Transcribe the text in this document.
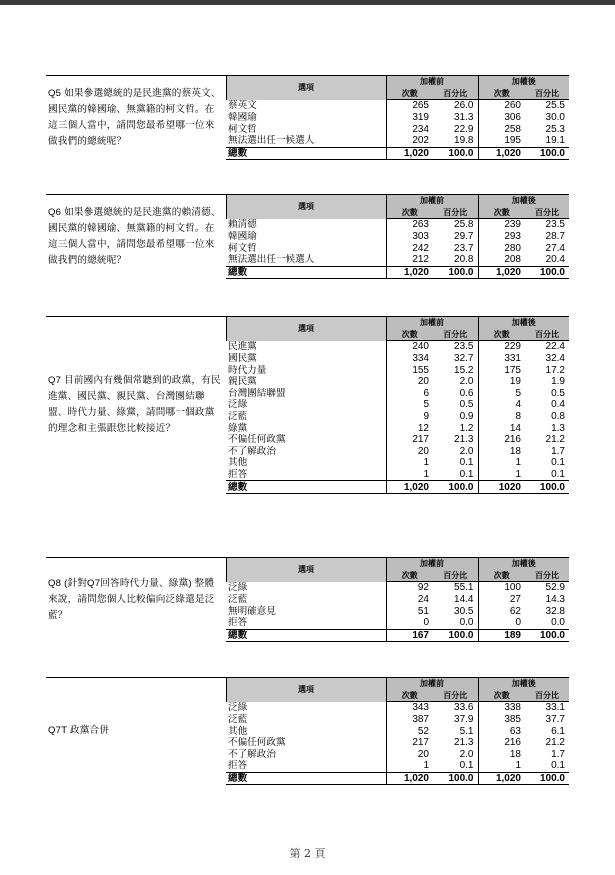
Q5 如果參選總統的是民進黨的蔡英文、國民黨的韓國瑜、無黨籍的柯文哲。在這三個人當中，請問您最希望哪一位來做我們的總統呢？	選項	加權前		加權後	
		次數	百分比	次數	百分比
	蔡英文	265	26.0	260	25.5
	韓國瑜	319	31.3	306	30.0
	柯文哲	234	22.9	258	25.3
	無法選出任一候選人	202	19.8	195	19.1
	總數	1,020	100.0	1,020	100.0
Q6 如果參選總統的是民進黨的賴清德、國民黨的韓國瑜、無黨籍的柯文哲。在這三個人當中，請問您最希望哪一位來做我們的總統呢？	選項	加權前		加權後	
		次數	百分比	次數	百分比
	賴清德	263	25.8	239	23.5
	韓國瑜	303	29.7	293	28.7
	柯文哲	242	23.7	280	27.4
	無法選出任一候選人	212	20.8	208	20.4
	總數	1,020	100.0	1,020	100.0
Q7 目前國內有幾個常聽到的政黨，有民進黨、國民黨、親民黨、台灣團結聯盟、時代力量、綠黨，請問哪一個政黨的理念和主張跟您比較接近？	選項	加權前		加權後	
		次數	百分比	次數	百分比
	民進黨	240	23.5	229	22.4
	國民黨	334	32.7	331	32.4
	時代力量	155	15.2	175	17.2
	親民黨	20	2.0	19	1.9
	台灣團結聯盟	6	0.6	5	0.5
	泛綠	5	0.5	4	0.4
	泛藍	9	0.9	8	0.8
	綠黨	12	1.2	14	1.3
	不偏任何政黨	217	21.3	216	21.2
	不了解政治	20	2.0	18	1.7
	其他	1	0.1	1	0.1
	拒答	1	0.1	1	0.1
	總數	1,020	100.0	1020	100.0
Q8 (針對Q7回答時代力量、綠黨) 整體來說，請問您個人比較偏向泛綠還是泛藍？	選項	加權前		加權後	
		次數	百分比	次數	百分比
	泛綠	92	55.1	100	52.9
	泛藍	24	14.4	27	14.3
	無明確意見	51	30.5	62	32.8
	拒答	0	0.0	0	0.0
	總數	167	100.0	189	100.0
Q7T 政黨合併	選項	加權前		加權後	
		次數	百分比	次數	百分比
	泛綠	343	33.6	338	33.1
	泛藍	387	37.9	385	37.7
	其他	52	5.1	63	6.1
	不偏任何政黨	217	21.3	216	21.2
	不了解政治	20	2.0	18	1.7
	拒答	1	0.1	1	0.1
	總數	1,020	100.0	1,020	100.0
第 2 頁
